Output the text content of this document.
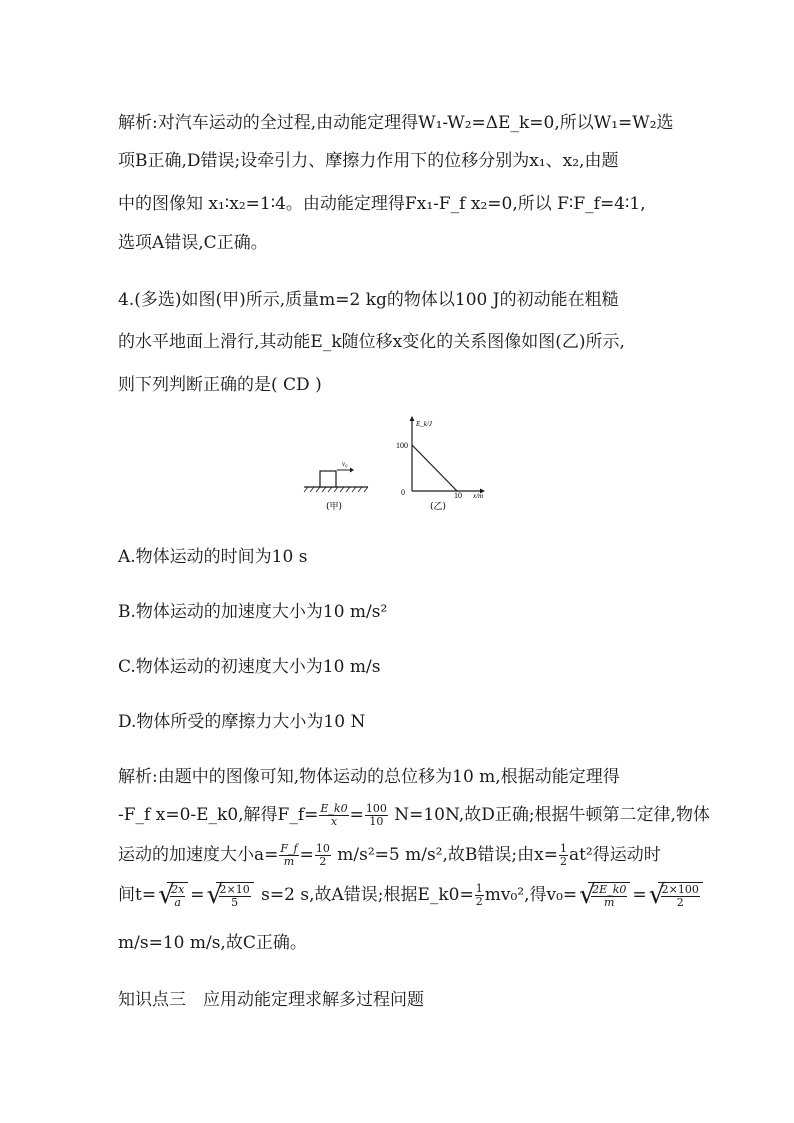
解析:对汽车运动的全过程,由动能定理得W₁-W₂=ΔE_k=0,所以W₁=W₂选
项B正确,D错误;设牵引力、摩擦力作用下的位移分别为x₁、x₂,由题
中的图像知 x₁∶x₂=1∶4。由动能定理得Fx₁-F_f x₂=0,所以 F∶F_f=4∶1,
选项A错误,C正确。
4.(多选)如图(甲)所示,质量m=2 kg的物体以100 J的初动能在粗糙
的水平地面上滑行,其动能E_k随位移x变化的关系图像如图(乙)所示,
则下列判断正确的是( CD )
v₀
(甲)
E_k/J
100
0	10 x/m
(乙)
A.物体运动的时间为10 s
B.物体运动的加速度大小为10 m/s²
C.物体运动的初速度大小为10 m/s
D.物体所受的摩擦力大小为10 N
解析:由题中的图像可知,物体运动的总位移为10 m,根据动能定理得
-F_f x=0-E_k0,解得F_f= $\frac{E\_k0}{x} = \frac{100}{10} N=10N$,故D正确;根据牛顿第二定律,物体
运动的加速度大小$a= \frac{F\_f}{m} = \frac{10}{2} m/s^2=5$ m/s²,故B错误;由$x= \frac{1}{2} at^2$得运动时
间t= √
$\frac{2x}{a}$ = √
$\frac{2\times 10}{5} s=2$ s,故A错误;根据E_k0= $\frac{1}{2} mv_0^2$,得v₀= √
$\frac{2E\_k0}{m}$ = √
$\frac{2\times 100}{2}$
m/s=10 m/s,故C正确。
知识点三　应用动能定理求解多过程问题
